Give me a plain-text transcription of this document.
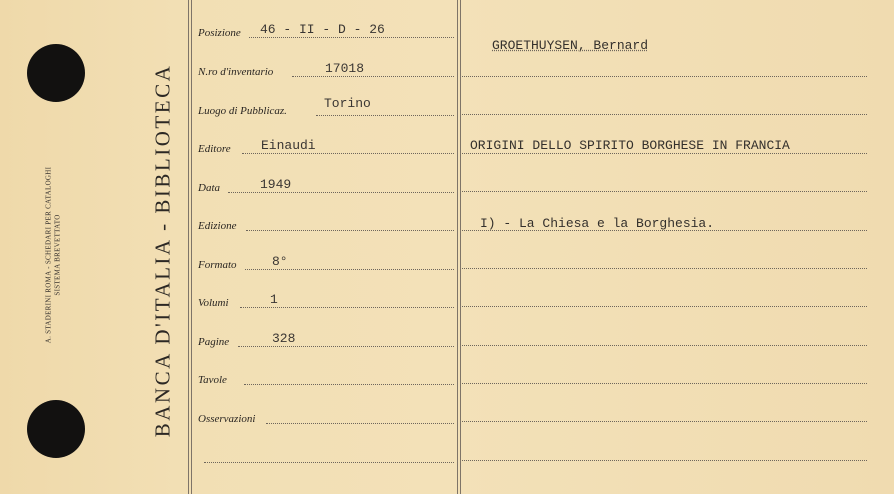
A. STADERINI ROMA - SCHEDARI PER CATALOGHI SISTEMA BREVETTATO	BANCA D'ITALIA - BIBLIOTECA
Posizione 46 - II - D - 26
N.ro d'inventario	17018
Luogo di Pubblicaz.	Torino
Editore Einaudi
Data	1949
Edizione
Formato	8°
Volumi	1
Pagine	328
Tavole
Osservazioni
GROETHUYSEN, Bernard
ORIGINI DELLO SPIRITO BORGHESE IN FRANCIA
I) - La Chiesa e la Borghesia.
